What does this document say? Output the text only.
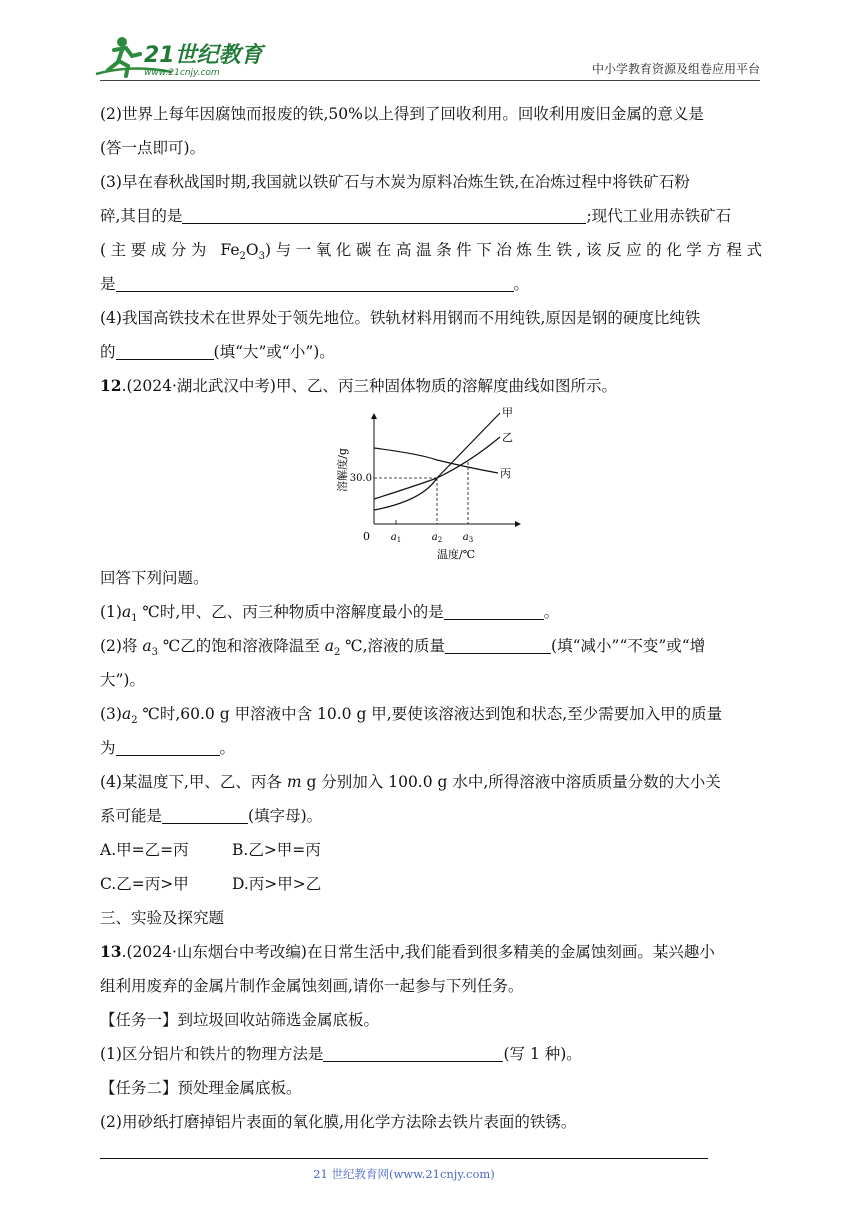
21世纪教育
www.21cnjy.com	中小学教育资源及组卷应用平台
(2)世界上每年因腐蚀而报废的铁,50%以上得到了回收利用。回收利用废旧金属的意义是
(答一点即可)。
(3)早在春秋战国时期,我国就以铁矿石与木炭为原料冶炼生铁,在冶炼过程中将铁矿石粉
碎,其目的是	;现代工业用赤铁矿石
(主要成分为 $Fe_2O_3$)与一氧化碳在高温条件下冶炼生铁,该反应的化学方程式
是	。
(4)我国高铁技术在世界处于领先地位。铁轨材料用钢而不用纯铁,原因是钢的硬度比纯铁
的	(填“大”或“小”)。
12.(2024·湖北武汉中考)甲、乙、丙三种固体物质的溶解度曲线如图所示。
回答下列问题。
$(1)a_1$ ℃时,甲、乙、丙三种物质中溶解度最小的是	。
(2)将 $a_3$ ℃乙的饱和溶液降温至 $a_2$ ℃,溶液的质量	(填“减小”“不变”或“增
大”)。
$(3)a_2$ ℃时,60.0 g 甲溶液中含 10.0 g 甲,要使该溶液达到饱和状态,至少需要加入甲的质量
为	。
(4)某温度下,甲、乙、丙各 m g 分别加入 100.0 g 水中,所得溶液中溶质质量分数的大小关
系可能是	(填字母)。
A.甲=乙=丙	B.乙>甲=丙
C.乙=丙>甲	D.丙>甲>乙
三、实验及探究题
13.(2024·山东烟台中考改编)在日常生活中,我们能看到很多精美的金属蚀刻画。某兴趣小
组利用废弃的金属片制作金属蚀刻画,请你一起参与下列任务。
【任务一】到垃圾回收站筛选金属底板。
(1)区分铝片和铁片的物理方法是	(写 1 种)。
【任务二】预处理金属底板。
(2)用砂纸打磨掉铝片表面的氧化膜,用化学方法除去铁片表面的铁锈。
溶解度/g
温度/℃
0
30.0
$a_1$	$a_2$ $a_3$
甲
乙
丙
21 世纪教育网(www.21cnjy.com)
